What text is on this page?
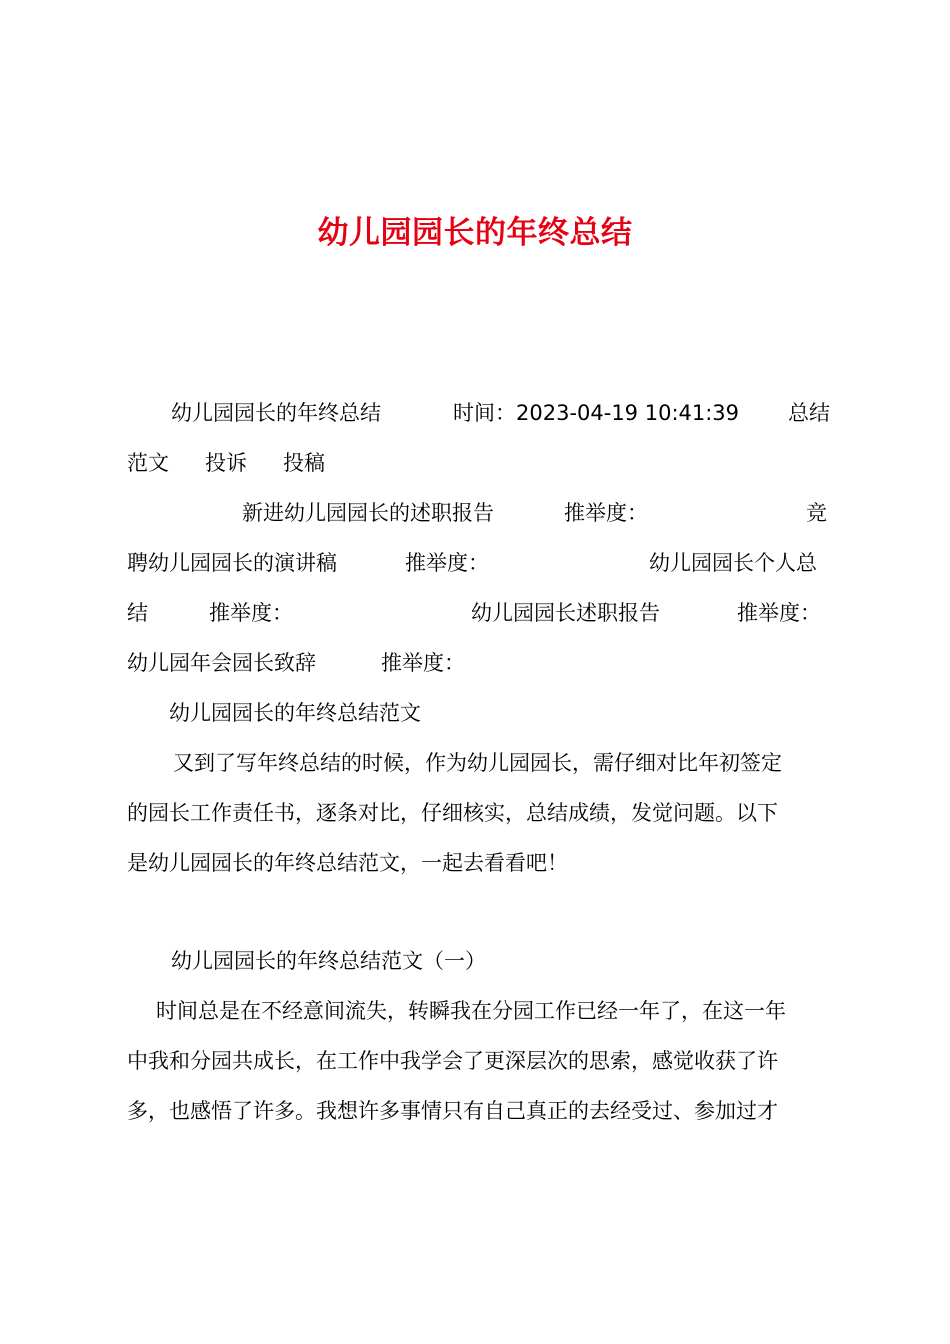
幼儿园园长的年终总结
幼儿园园长的年终总结	时间：2023-04-19 10:41:39 总结
范文 投诉 投稿
新进幼儿园园长的述职报告	推举度：	竞
聘幼儿园园长的演讲稿	推举度：	幼儿园园长个人总
结	推举度：	幼儿园园长述职报告	推举度：
幼儿园年会园长致辞	推举度：
幼儿园园长的年终总结范文
又到了写年终总结的时候，作为幼儿园园长，需仔细对比年初签定
的园长工作责任书，逐条对比，仔细核实，总结成绩，发觉问题。以下
是幼儿园园长的年终总结范文，一起去看看吧！
幼儿园园长的年终总结范文（一）
时间总是在不经意间流失，转瞬我在分园工作已经一年了，在这一年
中我和分园共成长，在工作中我学会了更深层次的思索，感觉收获了许
多，也感悟了许多。我想许多事情只有自己真正的去经受过、参加过才
